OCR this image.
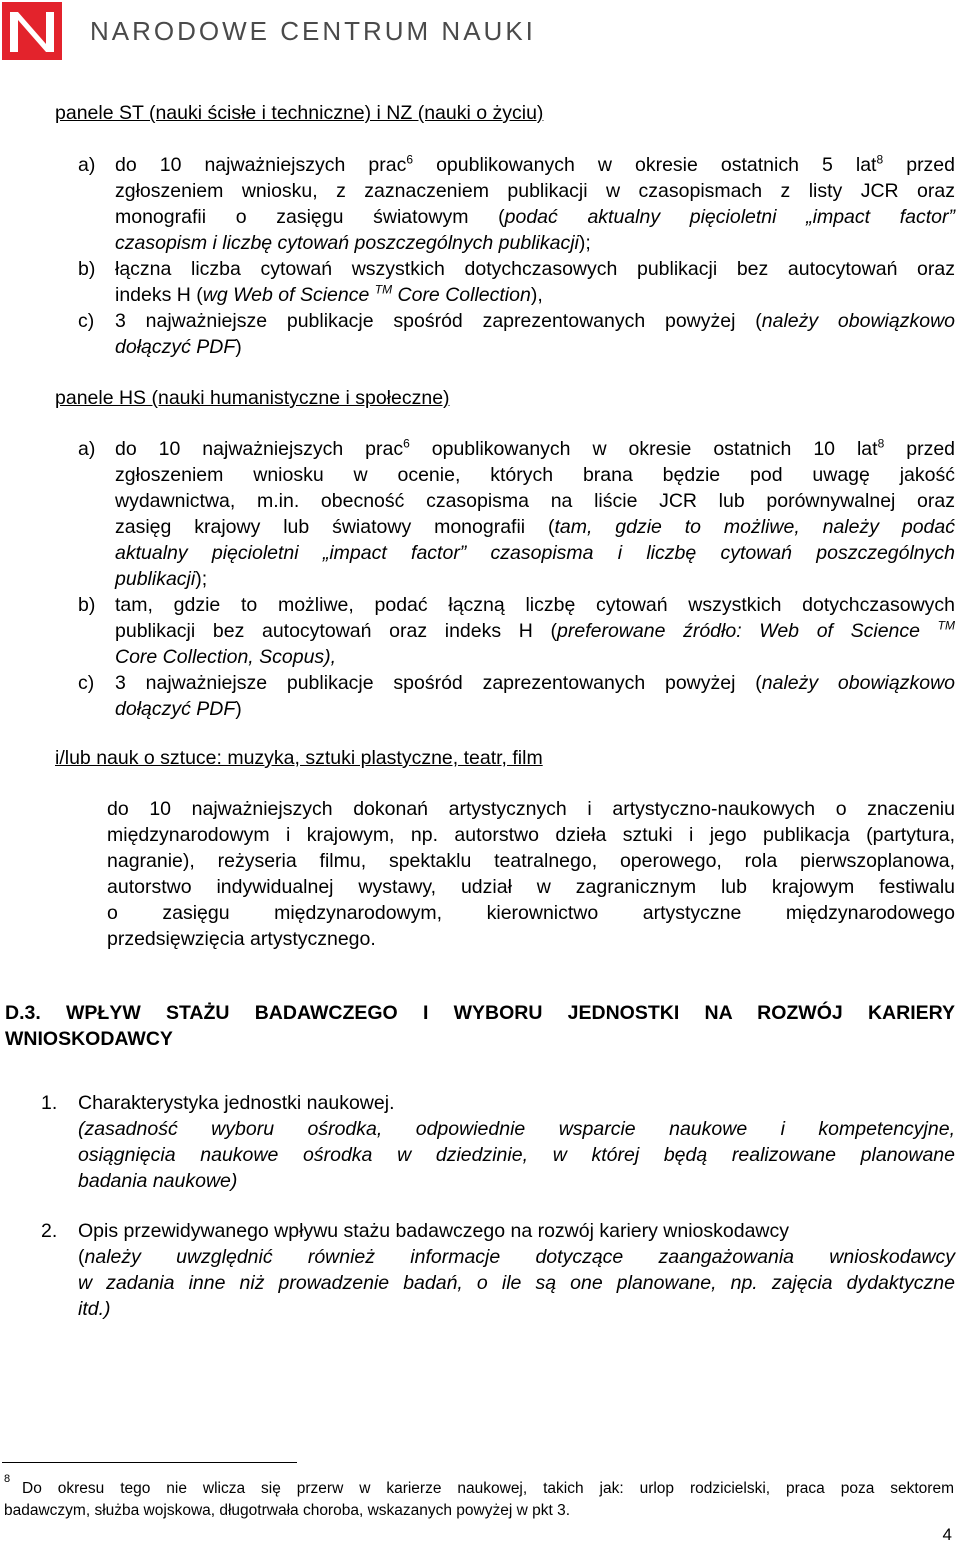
NARODOWE CENTRUM NAUKI
panele ST (nauki ścisłe i techniczne) i NZ (nauki o życiu)
a) do 10 najważniejszych prac$^6$ opublikowanych w okresie ostatnich 5 lat$^8$ przed
zgłoszeniem wniosku, z zaznaczeniem publikacji w czasopismach z listy JCR oraz
monografii o zasięgu światowym (podać aktualny pięcioletni „impact factor”
czasopism i liczbę cytowań poszczególnych publikacji);
b) łączna liczba cytowań wszystkich dotychczasowych publikacji bez autocytowań oraz
indeks H (wg Web of Science ™ Core Collection),
c) 3 najważniejsze publikacje spośród zaprezentowanych powyżej (należy obowiązkowo
dołączyć PDF)
panele HS (nauki humanistyczne i społeczne)
a) do 10 najważniejszych prac$^6$ opublikowanych w okresie ostatnich 10 lat$^8$ przed
zgłoszeniem wniosku w ocenie, których brana będzie pod uwagę jakość
wydawnictwa, m.in. obecność czasopisma na liście JCR lub porównywalnej oraz
zasięg krajowy lub światowy monografii (tam, gdzie to możliwe, należy podać
aktualny pięcioletni „impact factor” czasopisma i liczbę cytowań poszczególnych
publikacji);
b) tam, gdzie to możliwe, podać łączną liczbę cytowań wszystkich dotychczasowych
publikacji bez autocytowań oraz indeks H (preferowane źródło: Web of Science ™
Core Collection, Scopus),
c) 3 najważniejsze publikacje spośród zaprezentowanych powyżej (należy obowiązkowo
dołączyć PDF)
i/lub nauk o sztuce: muzyka, sztuki plastyczne, teatr, film
do 10 najważniejszych dokonań artystycznych i artystyczno-naukowych o znaczeniu
międzynarodowym i krajowym, np. autorstwo dzieła sztuki i jego publikacja (partytura,
nagranie), reżyseria filmu, spektaklu teatralnego, operowego, rola pierwszoplanowa,
autorstwo indywidualnej wystawy, udział w zagranicznym lub krajowym festiwalu
o zasięgu międzynarodowym, kierownictwo artystyczne międzynarodowego
przedsięwzięcia artystycznego.
D.3. WPŁYW STAŻU BADAWCZEGO I WYBORU JEDNOSTKI NA ROZWÓJ KARIERY
WNIOSKODAWCY
1. Charakterystyka jednostki naukowej.
(zasadność wyboru ośrodka, odpowiednie wsparcie naukowe i kompetencyjne,
osiągnięcia naukowe ośrodka w dziedzinie, w której będą realizowane planowane
badania naukowe)
2. Opis przewidywanego wpływu stażu badawczego na rozwój kariery wnioskodawcy
(należy uwzględnić również informacje dotyczące zaangażowania wnioskodawcy
w zadania inne niż prowadzenie badań, o ile są one planowane, np. zajęcia dydaktyczne
itd.)
8
Do okresu tego nie wlicza się przerw w karierze naukowej, takich jak: urlop rodzicielski, praca poza sektorem
badawczym, służba wojskowa, długotrwała choroba, wskazanych powyżej w pkt 3.
4
